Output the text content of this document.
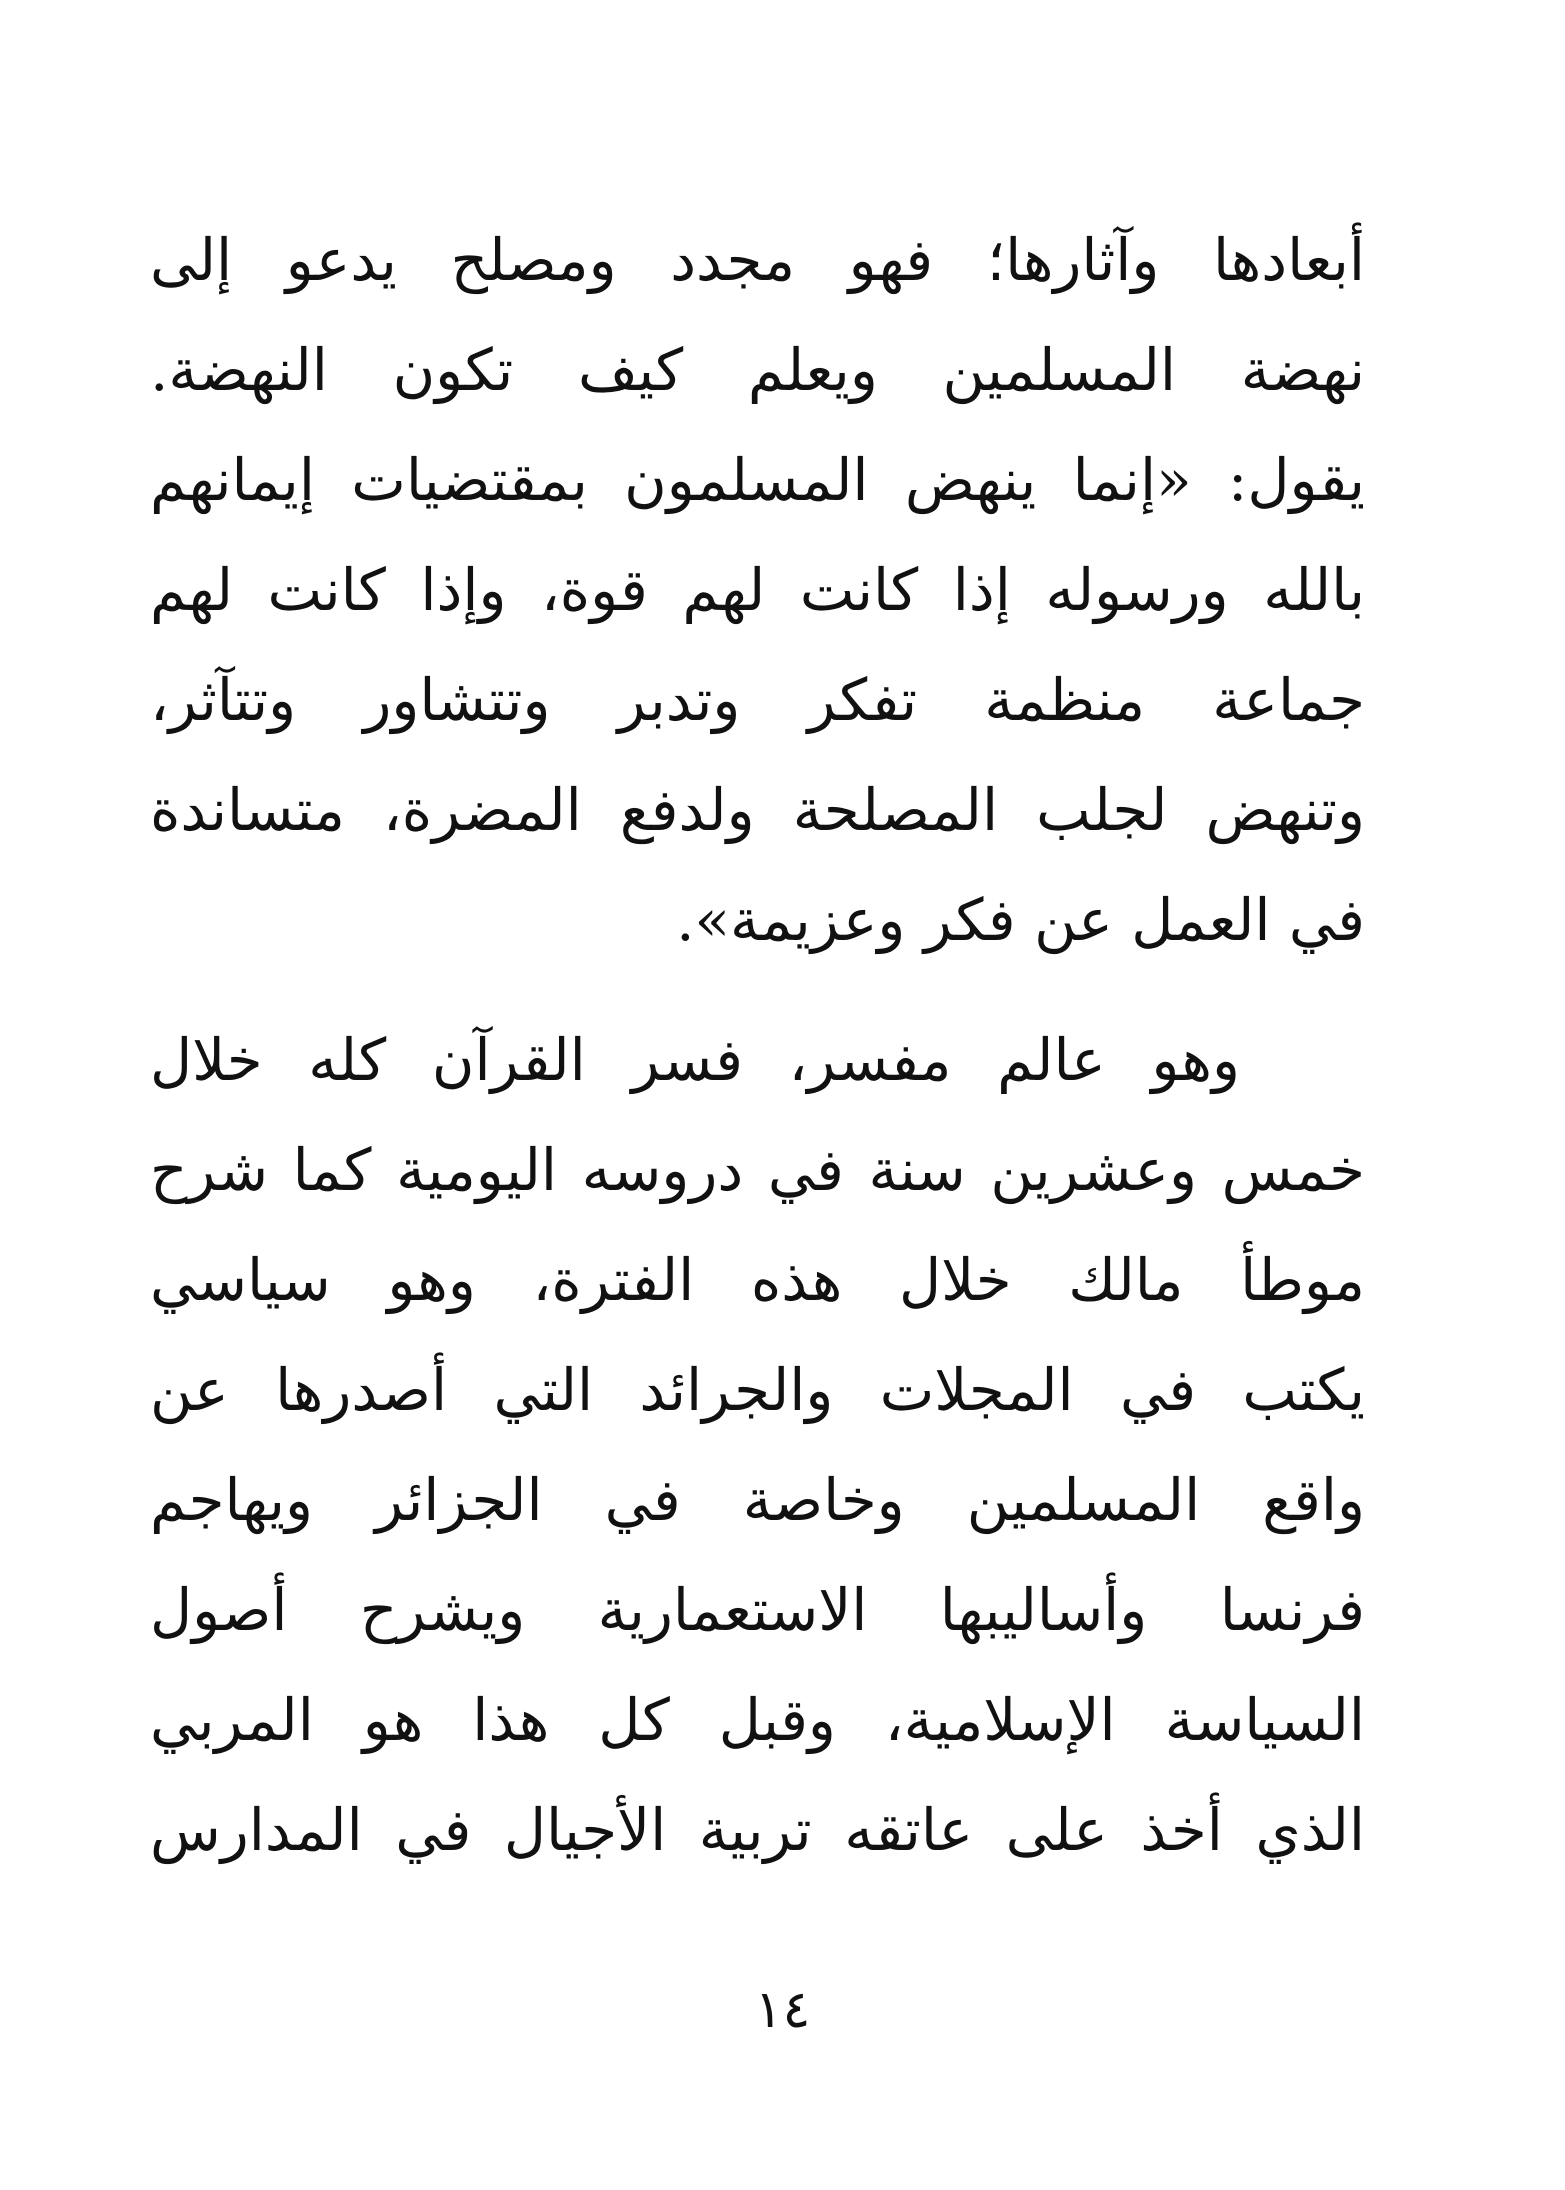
أبعادها وآثارها؛ فهو مجدد ومصلح يدعو إلى
نهضة المسلمين ويعلم كيف تكون النهضة.
يقول: «إنما ينهض المسلمون بمقتضيات إيمانهم
بالله ورسوله إذا كانت لهم قوة، وإذا كانت لهم
جماعة منظمة تفكر وتدبر وتتشاور وتتآثر،
وتنهض لجلب المصلحة ولدفع المضرة، متساندة
في العمل عن فكر وعزيمة».
وهو عالم مفسر، فسر القرآن كله خلال
خمس وعشرين سنة في دروسه اليومية كما شرح
موطأ مالك خلال هذه الفترة، وهو سياسي
يكتب في المجلات والجرائد التي أصدرها عن
واقع المسلمين وخاصة في الجزائر ويهاجم
فرنسا وأساليبها الاستعمارية ويشرح أصول
السياسة الإسلامية، وقبل كل هذا هو المربي
الذي أخذ على عاتقه تربية الأجيال في المدارس
١٤
